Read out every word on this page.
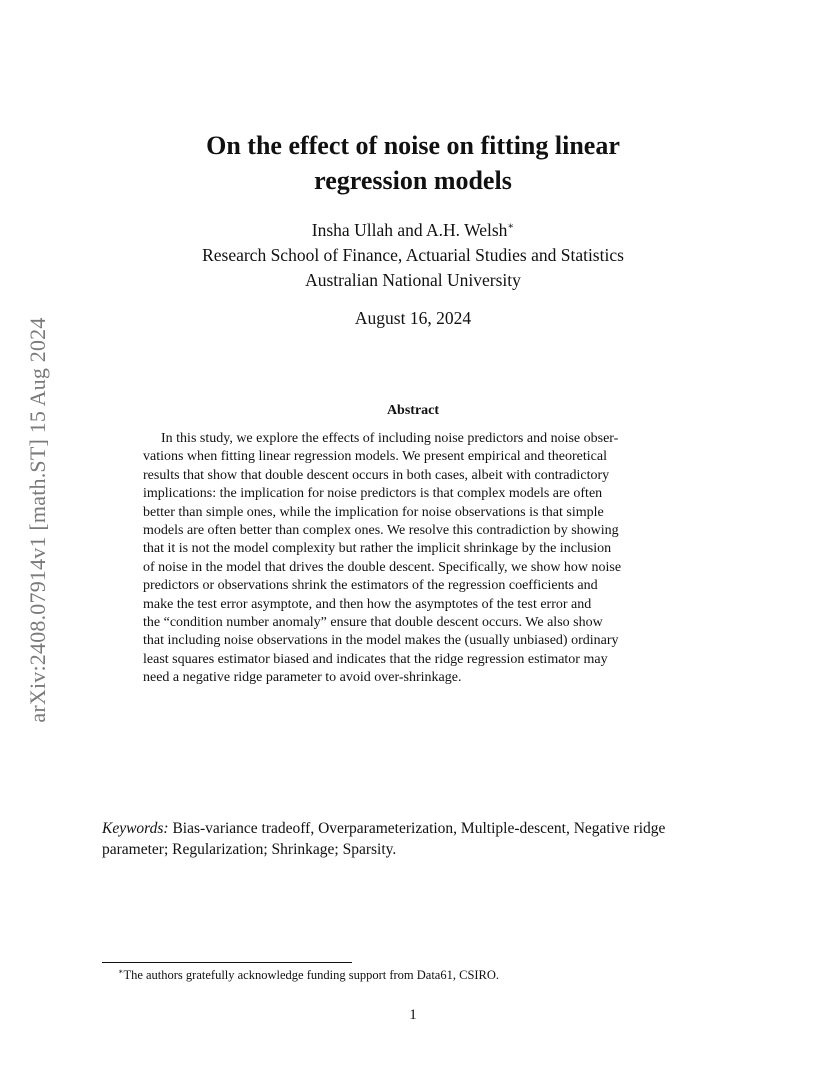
arXiv:2408.07914v1 [math.ST] 15 Aug 2024
On the effect of noise on fitting linear
regression models
Insha Ullah and A.H. Welsh∗
Research School of Finance, Actuarial Studies and Statistics
Australian National University
August 16, 2024
Abstract
In this study, we explore the effects of including noise predictors and noise obser-
vations when fitting linear regression models. We present empirical and theoretical
results that show that double descent occurs in both cases, albeit with contradictory
implications: the implication for noise predictors is that complex models are often
better than simple ones, while the implication for noise observations is that simple
models are often better than complex ones. We resolve this contradiction by showing
that it is not the model complexity but rather the implicit shrinkage by the inclusion
of noise in the model that drives the double descent. Specifically, we show how noise
predictors or observations shrink the estimators of the regression coefficients and
make the test error asymptote, and then how the asymptotes of the test error and
the “condition number anomaly” ensure that double descent occurs. We also show
that including noise observations in the model makes the (usually unbiased) ordinary
least squares estimator biased and indicates that the ridge regression estimator may
need a negative ridge parameter to avoid over-shrinkage.
Keywords: Bias-variance tradeoff, Overparameterization, Multiple-descent, Negative ridge
parameter; Regularization; Shrinkage; Sparsity.
∗The authors gratefully acknowledge funding support from Data61, CSIRO.
1
